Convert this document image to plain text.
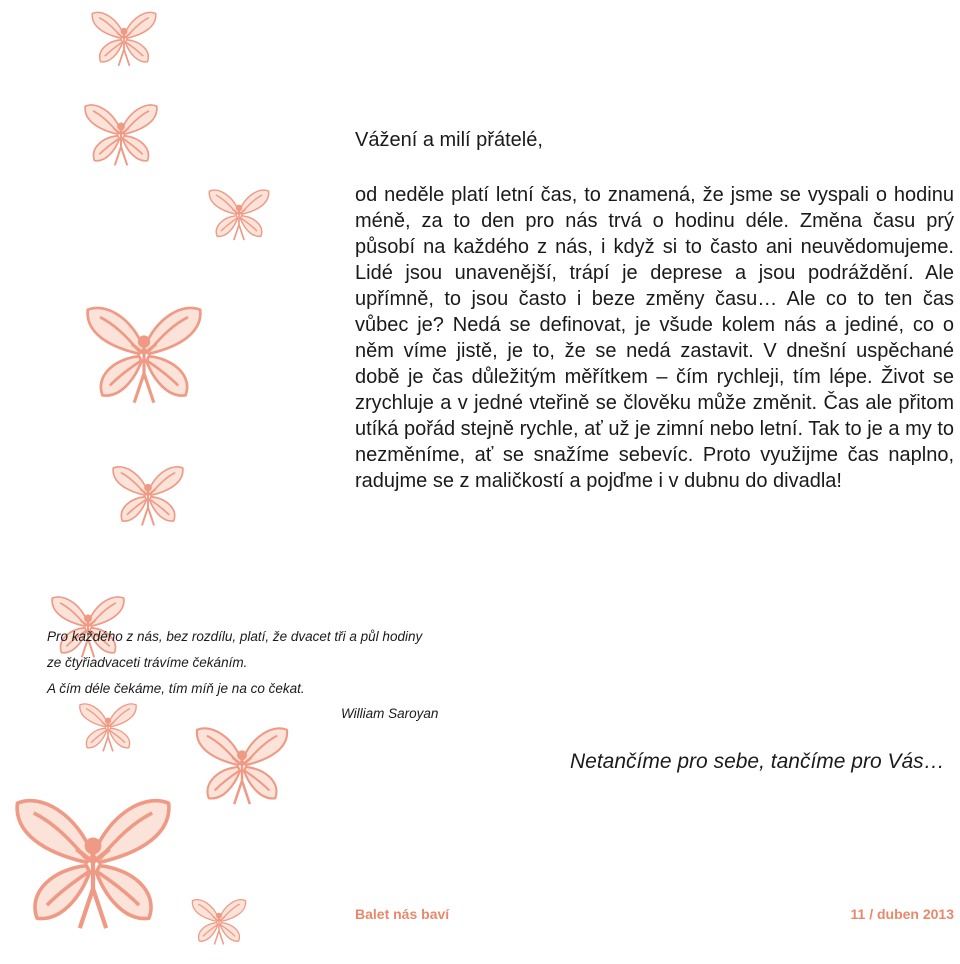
Vážení a milí přátelé,

od neděle platí letní čas, to znamená, že jsme se vyspali o hodinu méně, za to den pro nás trvá o hodinu déle. Změna času prý působí na každého z nás, i když si to často ani neuvědomujeme. Lidé jsou unavenější, trápí je deprese a jsou podráždění. Ale upřímně, to jsou často i beze změny času… Ale co to ten čas vůbec je? Nedá se definovat, je všude kolem nás a jediné, co o něm víme jistě, je to, že se nedá zastavit. V dnešní uspěchané době je čas důležitým měřítkem – čím rychleji, tím lépe. Život se zrychluje a v jedné vteřině se člověku může změnit. Čas ale přitom utíká pořád stejně rychle, ať už je zimní nebo letní. Tak to je a my to nezměníme, ať se snažíme sebevíc. Proto využijme čas naplno, radujme se z maličkostí a pojďme i v dubnu do divadla!

Pro každého z nás, bez rozdílu, platí, že dvacet tři a půl hodiny
ze čtyřiadvaceti trávíme čekáním.
A čím déle čekáme, tím míň je na co čekat.
William Saroyan
Netančíme pro sebe, tančíme pro Vás…
Balet nás baví	11 / duben 2013
